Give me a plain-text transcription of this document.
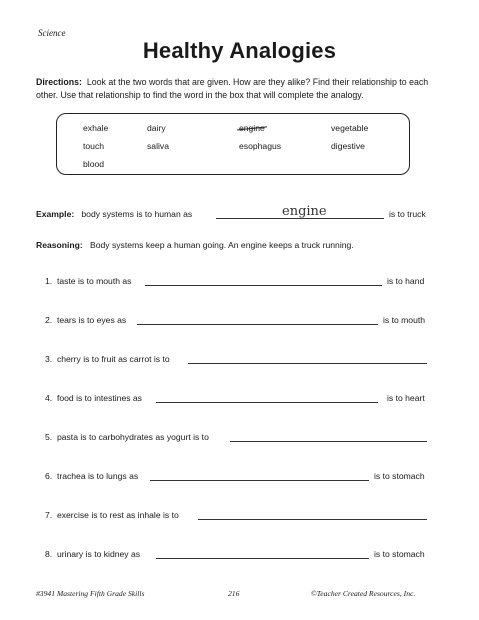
Science
Healthy Analogies
Directions: Look at the two words that are given. How are they alike? Find their relationship to each other. Use that relationship to find the word in the box that will complete the analogy.
exhale	dairy	engine	vegetable
touch	saliva	esophagus	digestive
blood
Example: body systems is to human as	engine	is to truck
Reasoning: Body systems keep a human going. An engine keeps a truck running.
1. taste is to mouth as	is to hand
2. tears is to eyes as	is to mouth
3. cherry is to fruit as carrot is to
4. food is to intestines as	is to heart
5. pasta is to carbohydrates as yogurt is to
6. trachea is to lungs as	is to stomach
7. exercise is to rest as inhale is to
8. urinary is to kidney as	is to stomach
#3941 Mastering Fifth Grade Skills	216	©Teacher Created Resources, Inc.
